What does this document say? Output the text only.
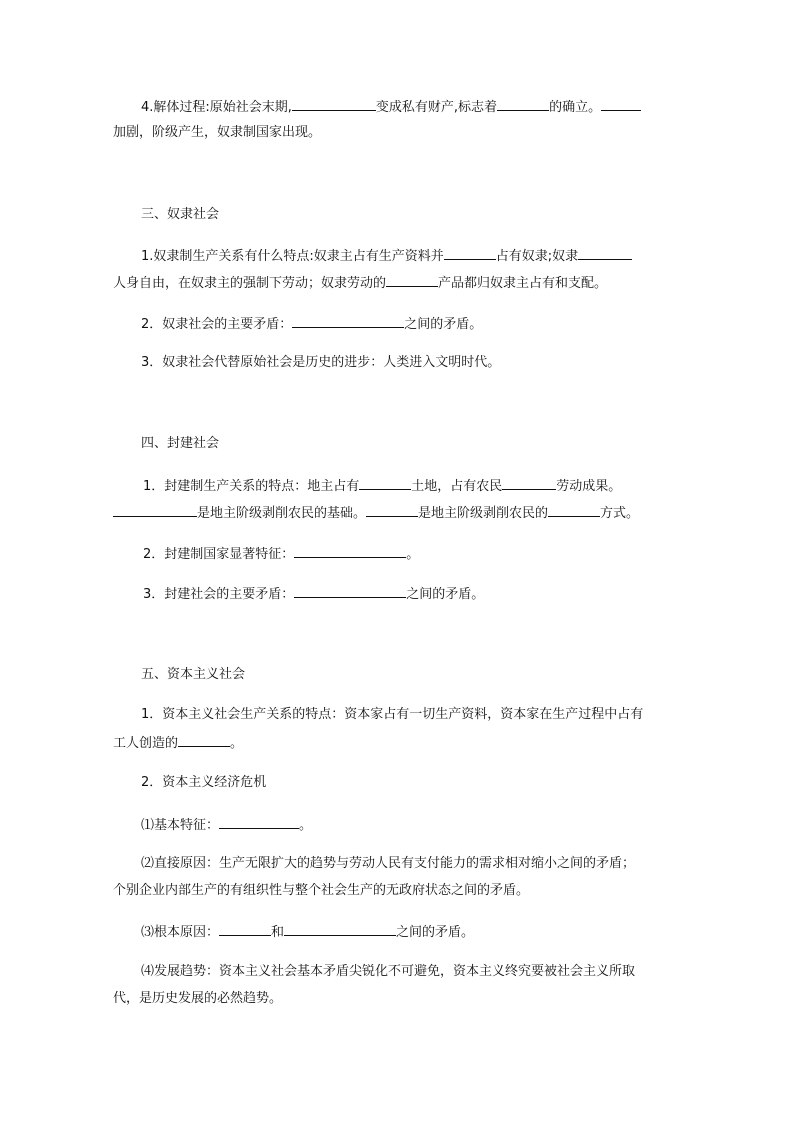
4.解体过程:原始社会末期,	变成私有财产,标志着	的确立。
加剧，阶级产生，奴隶制国家出现。
三、奴隶社会
1.奴隶制生产关系有什么特点:奴隶主占有生产资料并	占有奴隶;奴隶
人身自由，在奴隶主的强制下劳动；奴隶劳动的	产品都归奴隶主占有和支配。
2．奴隶社会的主要矛盾：	之间的矛盾。
3．奴隶社会代替原始社会是历史的进步：人类进入文明时代。
四、封建社会
1．封建制生产关系的特点：地主占有	土地，占有农民	劳动成果。
是地主阶级剥削农民的基础。	是地主阶级剥削农民的	方式。
2．封建制国家显著特征：	。
3．封建社会的主要矛盾：	之间的矛盾。
五、资本主义社会
1．资本主义社会生产关系的特点：资本家占有一切生产资料，资本家在生产过程中占有
工人创造的	。
2．资本主义经济危机
⑴基本特征：	。
⑵直接原因：生产无限扩大的趋势与劳动人民有支付能力的需求相对缩小之间的矛盾；
个别企业内部生产的有组织性与整个社会生产的无政府状态之间的矛盾。
⑶根本原因：	和	之间的矛盾。
⑷发展趋势：资本主义社会基本矛盾尖锐化不可避免，资本主义终究要被社会主义所取
代，是历史发展的必然趋势。
